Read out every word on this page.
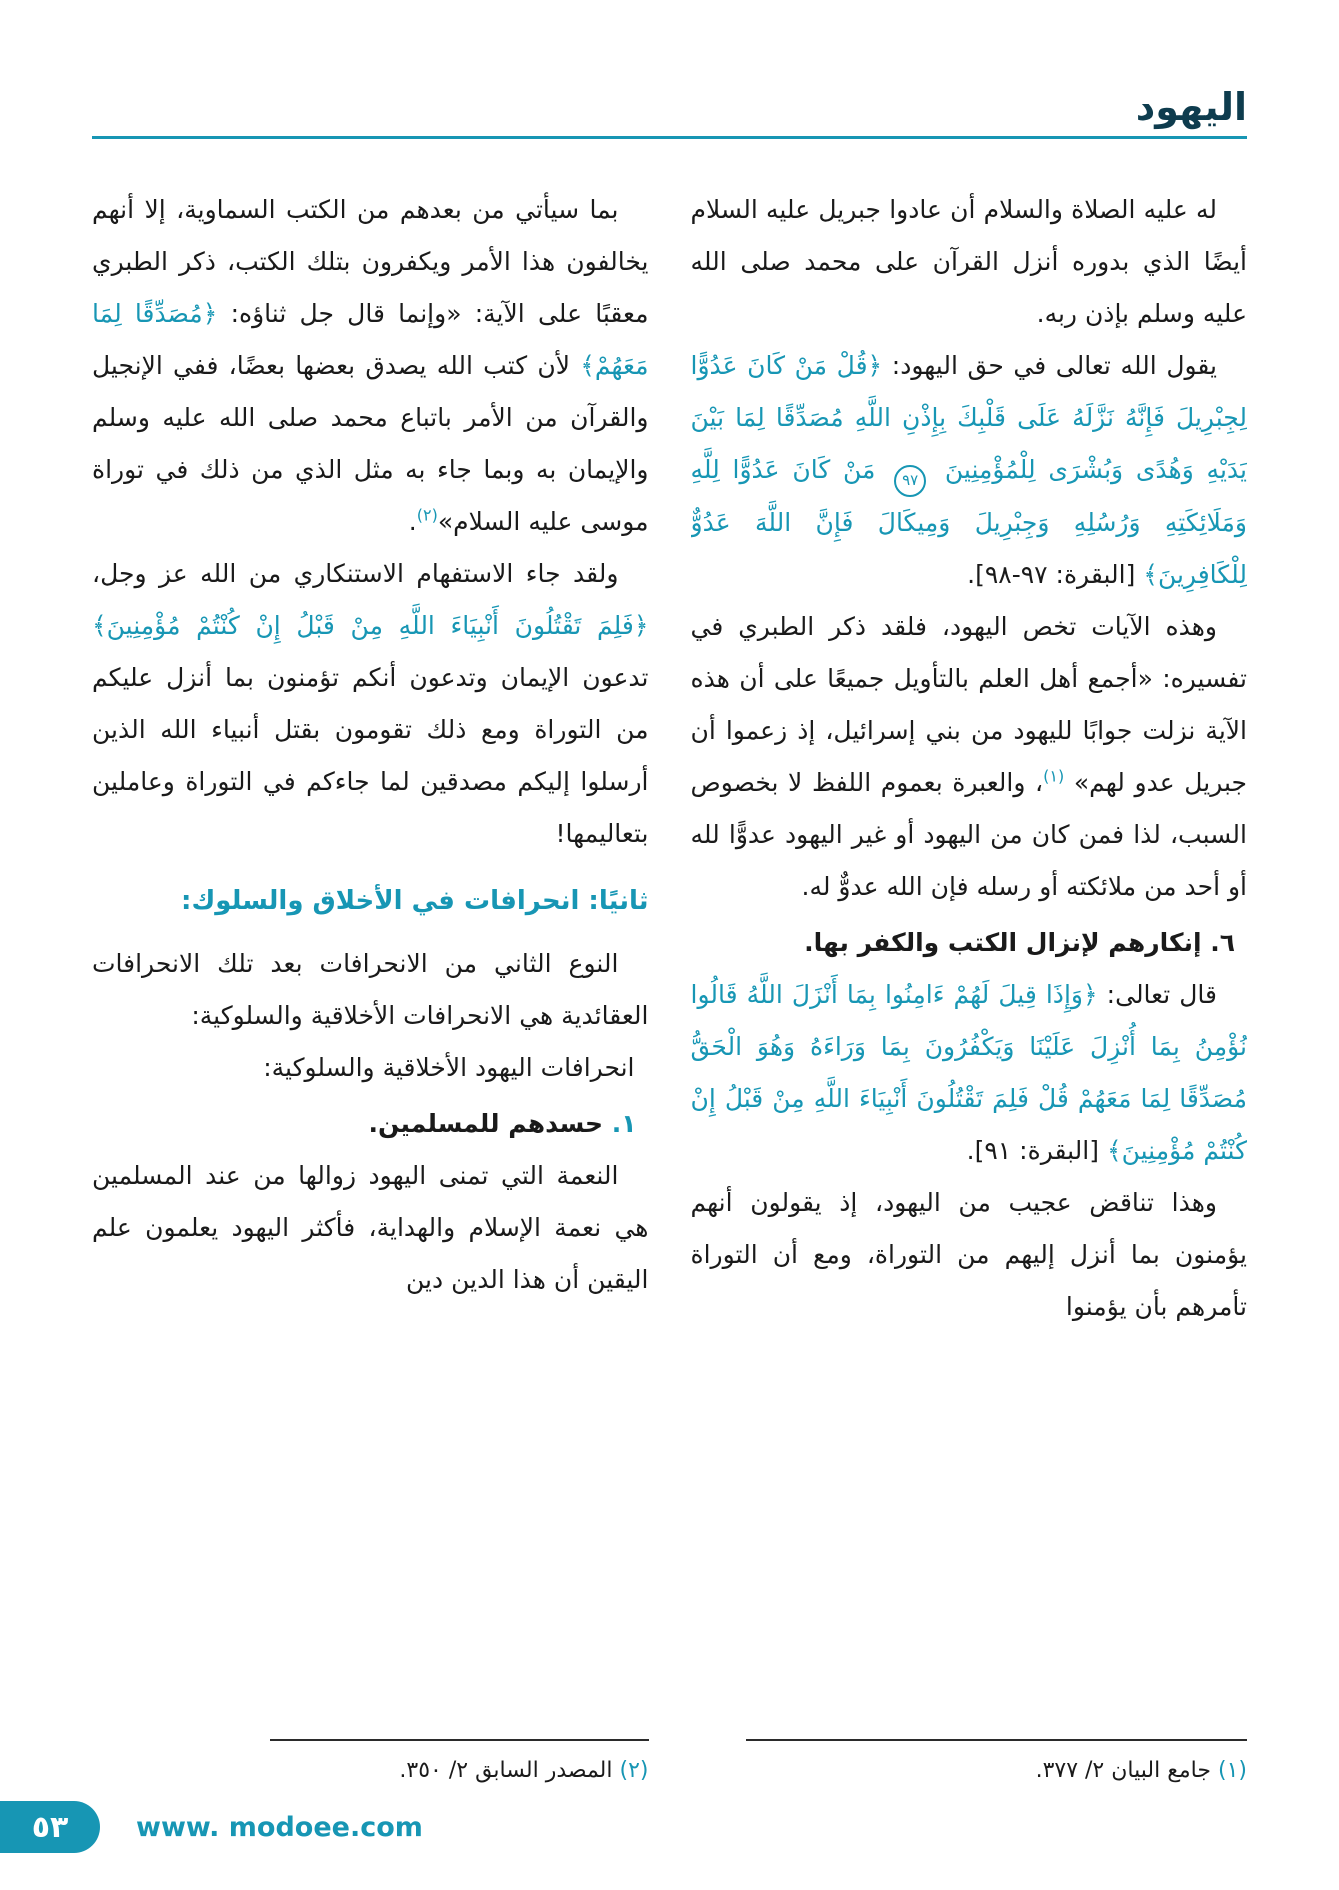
اليهود

له عليه الصلاة والسلام أن عادوا جبريل عليه السلام أيضًا الذي بدوره أنزل القرآن على محمد صلى الله عليه وسلم بإذن ربه.

يقول الله تعالى في حق اليهود: ﴿قُلْ مَنْ كَانَ عَدُوًّا لِجِبْرِيلَ فَإِنَّهُ نَزَّلَهُ عَلَى قَلْبِكَ بِإِذْنِ اللَّهِ مُصَدِّقًا لِمَا بَيْنَ يَدَيْهِ وَهُدًى وَبُشْرَى لِلْمُؤْمِنِينَ ٩٧ مَنْ كَانَ عَدُوًّا لِلَّهِ وَمَلَائِكَتِهِ وَرُسُلِهِ وَجِبْرِيلَ وَمِيكَالَ فَإِنَّ اللَّهَ عَدُوٌّ لِلْكَافِرِينَ﴾ [البقرة: ٩٧-٩٨].

وهذه الآيات تخص اليهود، فلقد ذكر الطبري في تفسيره: «أجمع أهل العلم بالتأويل جميعًا على أن هذه الآية نزلت جوابًا لليهود من بني إسرائيل، إذ زعموا أن جبريل عدو لهم» $^{(١)}$، والعبرة بعموم اللفظ لا بخصوص السبب، لذا فمن كان من اليهود أو غير اليهود عدوًّا لله أو أحد من ملائكته أو رسله فإن الله عدوٌّ له.

٦. إنكارهم لإنزال الكتب والكفر بها.

قال تعالى: ﴿وَإِذَا قِيلَ لَهُمْ ءَامِنُوا بِمَا أَنْزَلَ اللَّهُ قَالُوا نُؤْمِنُ بِمَا أُنْزِلَ عَلَيْنَا وَيَكْفُرُونَ بِمَا وَرَاءَهُ وَهُوَ الْحَقُّ مُصَدِّقًا لِمَا مَعَهُمْ قُلْ فَلِمَ تَقْتُلُونَ أَنْبِيَاءَ اللَّهِ مِنْ قَبْلُ إِنْ كُنْتُمْ مُؤْمِنِينَ﴾ [البقرة: ٩١].

وهذا تناقض عجيب من اليهود، إذ يقولون أنهم يؤمنون بما أنزل إليهم من التوراة، ومع أن التوراة تأمرهم بأن يؤمنوا

(١) جامع البيان ٢/ ٣٧٧.

بما سيأتي من بعدهم من الكتب السماوية، إلا أنهم يخالفون هذا الأمر ويكفرون بتلك الكتب، ذكر الطبري معقبًا على الآية: «وإنما قال جل ثناؤه: ﴿مُصَدِّقًا لِمَا مَعَهُمْ﴾ لأن كتب الله يصدق بعضها بعضًا، ففي الإنجيل والقرآن من الأمر باتباع محمد صلى الله عليه وسلم والإيمان به وبما جاء به مثل الذي من ذلك في توراة موسى عليه السلام»$^{(٢)}$.

ولقد جاء الاستفهام الاستنكاري من الله عز وجل، ﴿فَلِمَ تَقْتُلُونَ أَنْبِيَاءَ اللَّهِ مِنْ قَبْلُ إِنْ كُنْتُمْ مُؤْمِنِينَ﴾ تدعون الإيمان وتدعون أنكم تؤمنون بما أنزل عليكم من التوراة ومع ذلك تقومون بقتل أنبياء الله الذين أرسلوا إليكم مصدقين لما جاءكم في التوراة وعاملين بتعاليمها!

ثانيًا: انحرافات في الأخلاق والسلوك:

النوع الثاني من الانحرافات بعد تلك الانحرافات العقائدية هي الانحرافات الأخلاقية والسلوكية:

انحرافات اليهود الأخلاقية والسلوكية:

١. حسدهم للمسلمين.

النعمة التي تمنى اليهود زوالها من عند المسلمين هي نعمة الإسلام والهداية، فأكثر اليهود يعلمون علم اليقين أن هذا الدين دين

(٢) المصدر السابق ٢/ ٣٥٠.

٥٣	www. modoee.com
